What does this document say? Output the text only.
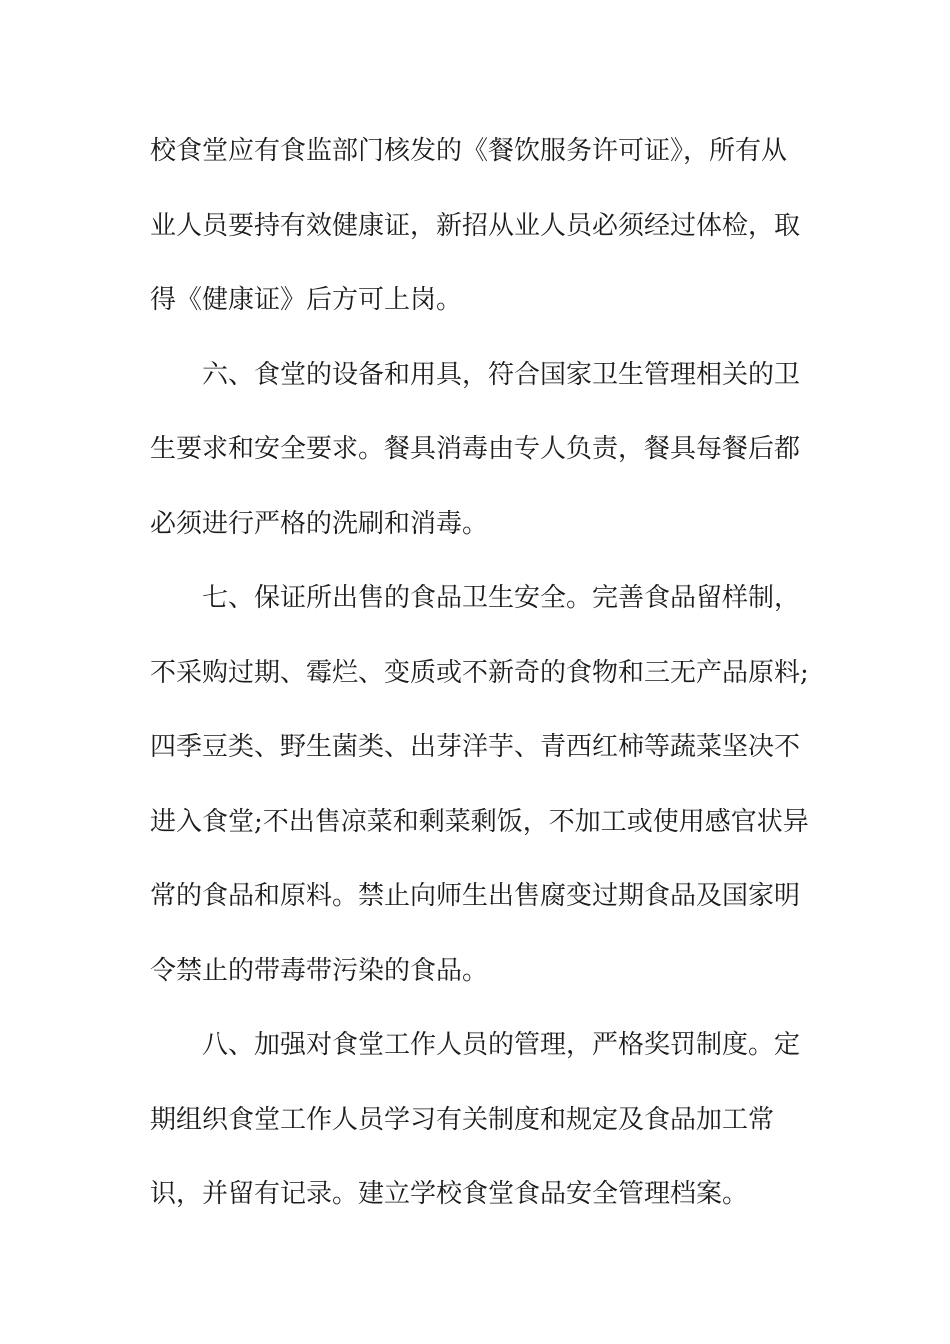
校食堂应有食监部门核发的《餐饮服务许可证》，所有从
业人员要持有效健康证，新招从业人员必须经过体检，取
得《健康证》后方可上岗。
六、食堂的设备和用具，符合国家卫生管理相关的卫
生要求和安全要求。餐具消毒由专人负责，餐具每餐后都
必须进行严格的洗刷和消毒。
七、保证所出售的食品卫生安全。完善食品留样制，
不采购过期、霉烂、变质或不新奇的食物和三无产品原料;
四季豆类、野生菌类、出芽洋芋、青西红柿等蔬菜坚决不
进入食堂;不出售凉菜和剩菜剩饭，不加工或使用感官状异
常的食品和原料。禁止向师生出售腐变过期食品及国家明
令禁止的带毒带污染的食品。
八、加强对食堂工作人员的管理，严格奖罚制度。定
期组织食堂工作人员学习有关制度和规定及食品加工常
识，并留有记录。建立学校食堂食品安全管理档案。
